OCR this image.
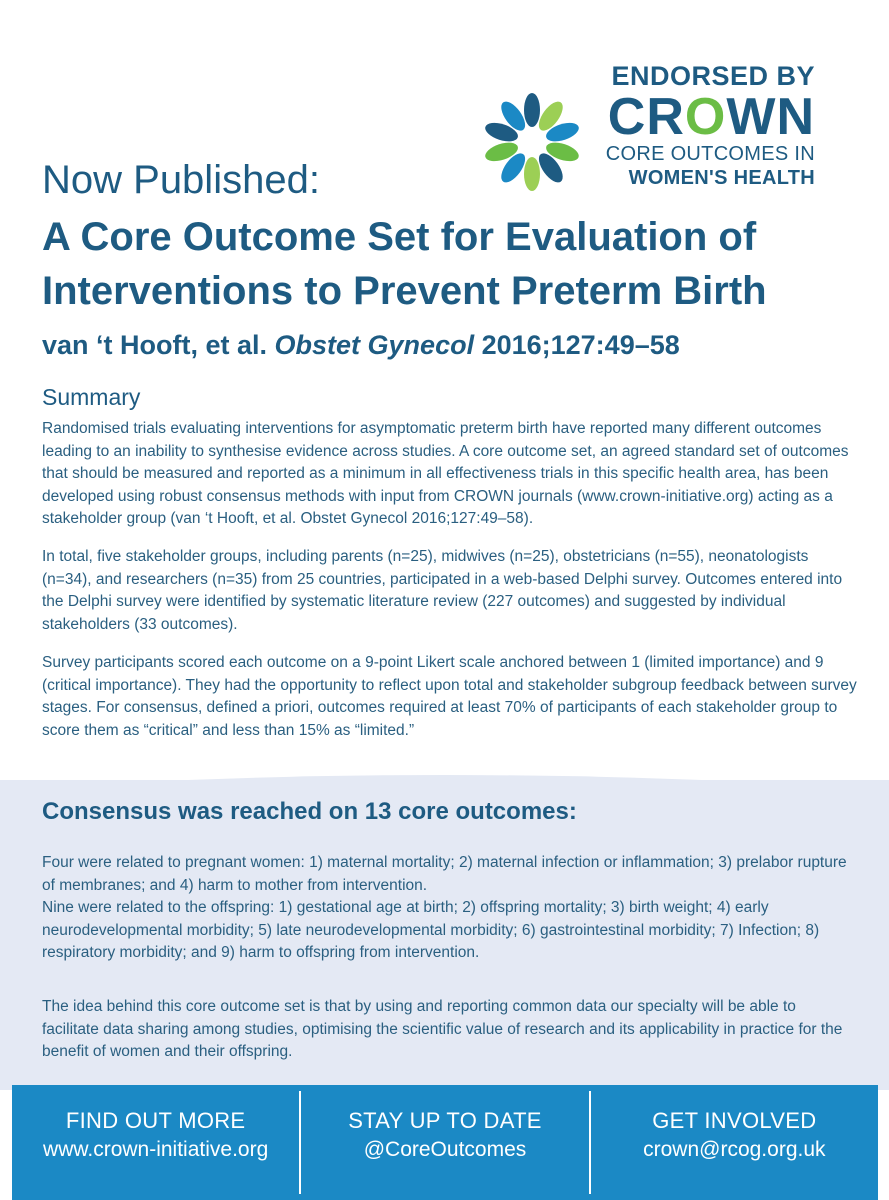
ENDORSED BY
CROWN
CORE OUTCOMES IN
WOMEN'S HEALTH
Now Published:
A Core Outcome Set for Evaluation of
Interventions to Prevent Preterm Birth
van ‘t Hooft, et al. Obstet Gynecol 2016;127:49–58
Summary
Randomised trials evaluating interventions for asymptomatic preterm birth have reported many different outcomes leading to an inability to synthesise evidence across studies. A core outcome set, an agreed standard set of outcomes that should be measured and reported as a minimum in all effectiveness trials in this specific health area, has been developed using robust consensus methods with input from CROWN journals (www.crown-initiative.org) acting as a stakeholder group (van ‘t Hooft, et al. Obstet Gynecol 2016;127:49–58).
In total, five stakeholder groups, including parents (n=25), midwives (n=25), obstetricians (n=55), neonatologists (n=34), and researchers (n=35) from 25 countries, participated in a web-based Delphi survey. Outcomes entered into the Delphi survey were identified by systematic literature review (227 outcomes) and suggested by individual stakeholders (33 outcomes).
Survey participants scored each outcome on a 9-point Likert scale anchored between 1 (limited importance) and 9 (critical importance). They had the opportunity to reflect upon total and stakeholder subgroup feedback between survey stages. For consensus, defined a priori, outcomes required at least 70% of participants of each stakeholder group to score them as “critical” and less than 15% as “limited.”
Consensus was reached on 13 core outcomes:
Four were related to pregnant women: 1) maternal mortality; 2) maternal infection or inflammation; 3) prelabor rupture of membranes; and 4) harm to mother from intervention.
Nine were related to the offspring: 1) gestational age at birth; 2) offspring mortality; 3) birth weight; 4) early neurodevelopmental morbidity; 5) late neurodevelopmental morbidity; 6) gastrointestinal morbidity; 7) Infection; 8) respiratory morbidity; and 9) harm to offspring from intervention.
The idea behind this core outcome set is that by using and reporting common data our specialty will be able to facilitate data sharing among studies, optimising the scientific value of research and its applicability in practice for the benefit of women and their offspring.
FIND OUT MORE
www.crown-initiative.org
STAY UP TO DATE
@CoreOutcomes
GET INVOLVED
crown@rcog.org.uk
